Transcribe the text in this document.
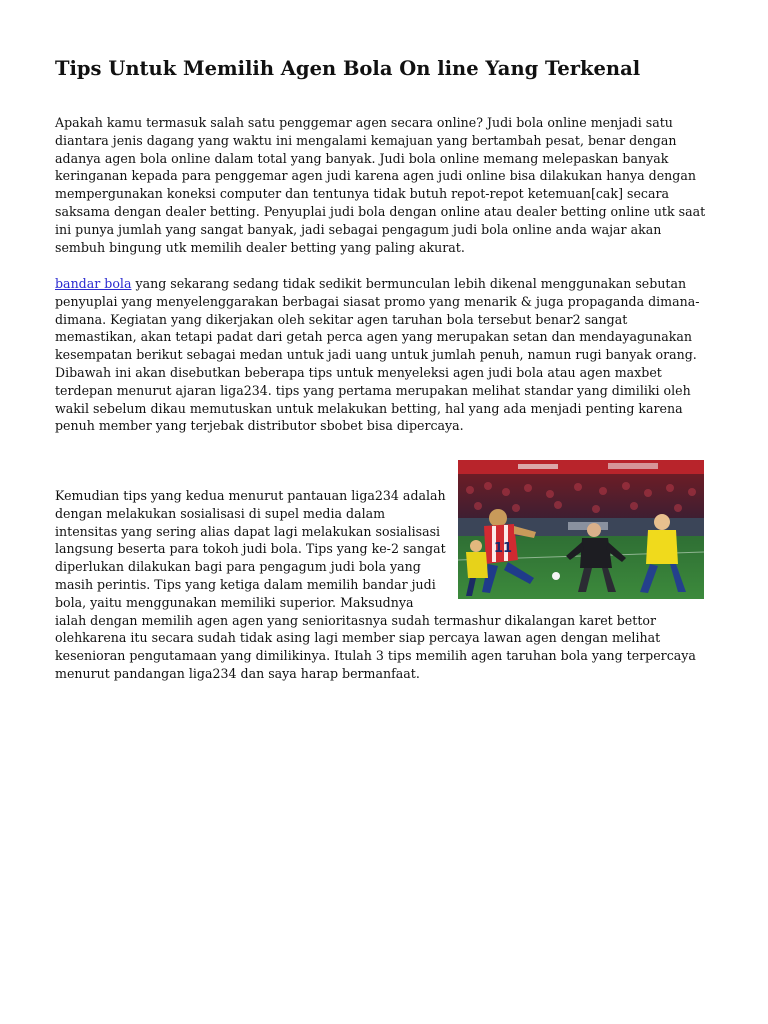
Tips Untuk Memilih Agen Bola On line Yang Terkenal

Apakah kamu termasuk salah satu penggemar agen secara online? Judi bola online menjadi satu diantara jenis dagang yang waktu ini mengalami kemajuan yang bertambah pesat, benar dengan adanya agen bola online dalam total yang banyak. Judi bola online memang melepaskan banyak keringanan kepada para penggemar agen judi karena agen judi online bisa dilakukan hanya dengan mempergunakan koneksi computer dan tentunya tidak butuh repot-repot ketemuan[cak] secara saksama dengan dealer betting. Penyuplai judi bola dengan online atau dealer betting online utk saat ini punya jumlah yang sangat banyak, jadi sebagai pengagum judi bola online anda wajar akan sembuh bingung utk memilih dealer betting yang paling akurat.

bandar bola yang sekarang sedang tidak sedikit bermunculan lebih dikenal menggunakan sebutan penyuplai yang menyelenggarakan berbagai siasat promo yang menarik & juga propaganda dimana-dimana. Kegiatan yang dikerjakan oleh sekitar agen taruhan bola tersebut benar2 sangat memastikan, akan tetapi padat dari getah perca agen yang merupakan setan dan mendayagunakan kesempatan berikut sebagai medan untuk jadi uang untuk jumlah penuh, namun rugi banyak orang. Dibawah ini akan disebutkan beberapa tips untuk menyeleksi agen judi bola atau agen maxbet terdepan menurut ajaran liga234. tips yang pertama merupakan melihat standar yang dimiliki oleh wakil sebelum dikau memutuskan untuk melakukan betting, hal yang ada menjadi penting karena penuh member yang terjebak distributor sbobet bisa dipercaya.

11
Kemudian tips yang kedua menurut pantauan liga234 adalah dengan melakukan sosialisasi di supel media dalam intensitas yang sering alias dapat lagi melakukan sosialisasi langsung beserta para tokoh judi bola. Tips yang ke-2 sangat diperlukan dilakukan bagi para pengagum judi bola yang masih perintis. Tips yang ketiga dalam memilih bandar judi bola, yaitu menggunakan memiliki superior. Maksudnya ialah dengan memilih agen agen yang senioritasnya sudah termashur dikalangan karet bettor olehkarena itu secara sudah tidak asing lagi member siap percaya lawan agen dengan melihat kesenioran pengutamaan yang dimilikinya. Itulah 3 tips memilih agen taruhan bola yang terpercaya menurut pandangan liga234 dan saya harap bermanfaat.
